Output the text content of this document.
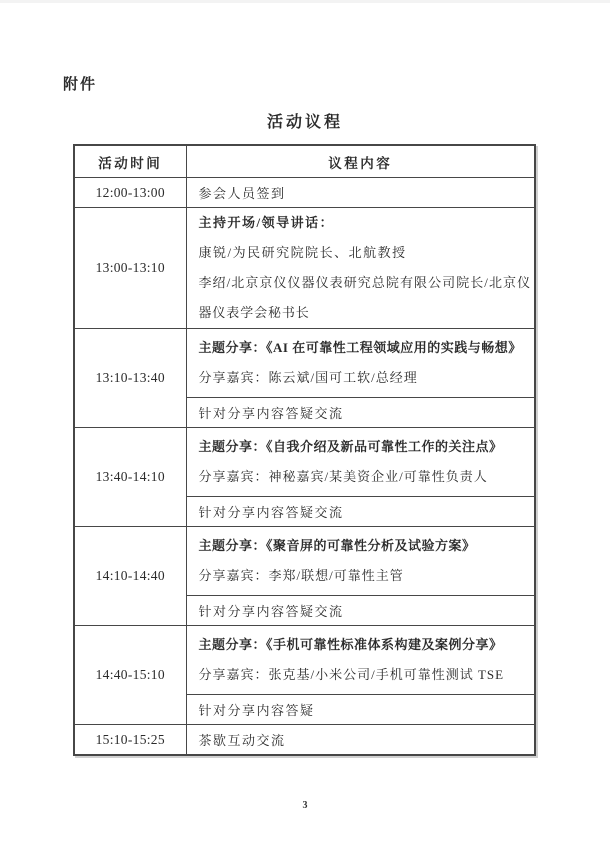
附件
活动议程
活动时间	议程内容
12:00-13:00	参会人员签到
13:00-13:10	主持开场/领导讲话：

康锐/为民研究院院长、北航教授

李绍/北京京仪仪器仪表研究总院有限公司院长/北京仪器仪表学会秘书长

13:10-13:40	主题分享：《AI 在可靠性工程领域应用的实践与畅想》

分享嘉宾：陈云斌/国可工软/总经理

	针对分享内容答疑交流
13:40-14:10	主题分享：《自我介绍及新品可靠性工作的关注点》

分享嘉宾：神秘嘉宾/某美资企业/可靠性负责人

	针对分享内容答疑交流
14:10-14:40	主题分享：《聚音屏的可靠性分析及试验方案》

分享嘉宾：李郑/联想/可靠性主管

	针对分享内容答疑交流
14:40-15:10	主题分享：《手机可靠性标准体系构建及案例分享》

分享嘉宾：张克基/小米公司/手机可靠性测试 TSE

	针对分享内容答疑
15:10-15:25	茶歇互动交流
3
